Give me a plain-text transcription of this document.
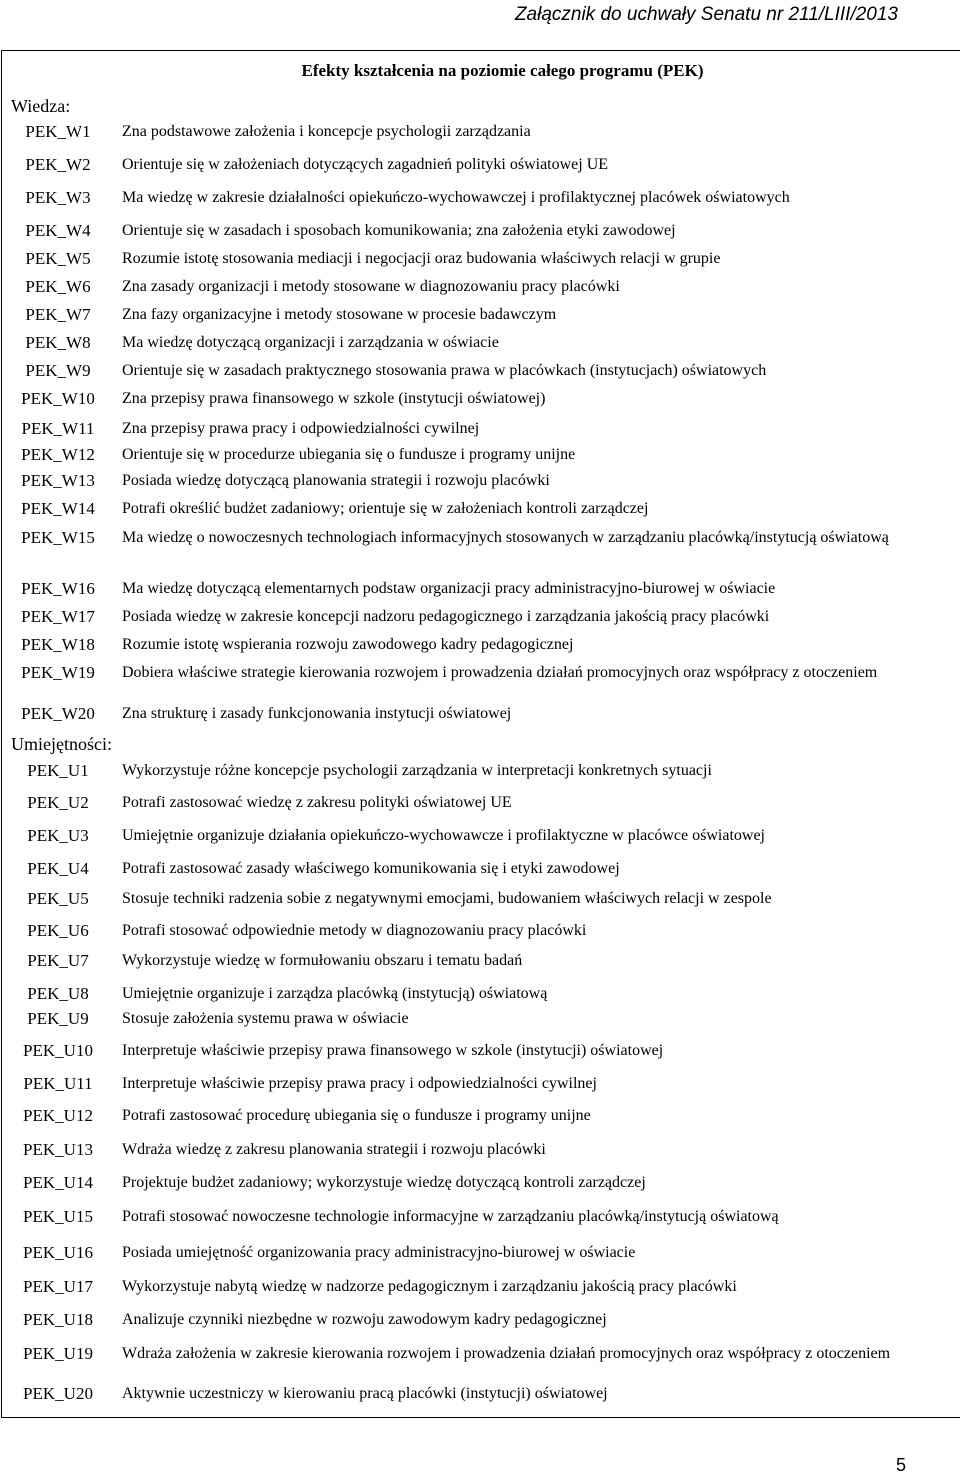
Załącznik do uchwały Senatu nr 211/LIII/2013
Efekty kształcenia na poziomie całego programu (PEK)
Wiedza:
PEK_W1	Zna podstawowe założenia i koncepcje psychologii zarządzania
PEK_W2	Orientuje się w założeniach dotyczących zagadnień polityki oświatowej UE
PEK_W3	Ma wiedzę w zakresie działalności opiekuńczo-wychowawczej i profilaktycznej placówek oświatowych
PEK_W4	Orientuje się w zasadach i sposobach komunikowania; zna założenia etyki zawodowej
PEK_W5	Rozumie istotę stosowania mediacji i negocjacji oraz budowania właściwych relacji w grupie
PEK_W6	Zna zasady organizacji i metody stosowane w diagnozowaniu pracy placówki
PEK_W7	Zna fazy organizacyjne i metody stosowane w procesie badawczym
PEK_W8	Ma wiedzę dotyczącą organizacji i zarządzania w oświacie
PEK_W9	Orientuje się w zasadach praktycznego stosowania prawa w placówkach (instytucjach) oświatowych
PEK_W10	Zna przepisy prawa finansowego w szkole (instytucji oświatowej)
PEK_W11	Zna przepisy prawa pracy i odpowiedzialności cywilnej
PEK_W12	Orientuje się w procedurze ubiegania się o fundusze i programy unijne
PEK_W13	Posiada wiedzę dotyczącą planowania strategii i rozwoju placówki
PEK_W14	Potrafi określić budżet zadaniowy; orientuje się w założeniach kontroli zarządczej
PEK_W15	Ma wiedzę o nowoczesnych technologiach informacyjnych stosowanych w zarządzaniu placówką/instytucją oświatową
PEK_W16	Ma wiedzę dotyczącą elementarnych podstaw organizacji pracy administracyjno-biurowej w oświacie
PEK_W17	Posiada wiedzę w zakresie koncepcji nadzoru pedagogicznego i zarządzania jakością pracy placówki
PEK_W18	Rozumie istotę wspierania rozwoju zawodowego kadry pedagogicznej
PEK_W19	Dobiera właściwe strategie kierowania rozwojem i prowadzenia działań promocyjnych oraz współpracy z otoczeniem
PEK_W20	Zna strukturę i zasady funkcjonowania instytucji oświatowej
Umiejętności:
PEK_U1	Wykorzystuje różne koncepcje psychologii zarządzania w interpretacji konkretnych sytuacji
PEK_U2	Potrafi zastosować wiedzę z zakresu polityki oświatowej UE
PEK_U3	Umiejętnie organizuje działania opiekuńczo-wychowawcze i profilaktyczne w placówce oświatowej
PEK_U4	Potrafi zastosować zasady właściwego komunikowania się i etyki zawodowej
PEK_U5	Stosuje techniki radzenia sobie z negatywnymi emocjami, budowaniem właściwych relacji w zespole
PEK_U6	Potrafi stosować odpowiednie metody w diagnozowaniu pracy placówki
PEK_U7	Wykorzystuje wiedzę w formułowaniu obszaru i tematu badań
PEK_U8	Umiejętnie organizuje i zarządza placówką (instytucją) oświatową
PEK_U9	Stosuje założenia systemu prawa w oświacie
PEK_U10	Interpretuje właściwie przepisy prawa finansowego w szkole (instytucji) oświatowej
PEK_U11	Interpretuje właściwie przepisy prawa pracy i odpowiedzialności cywilnej
PEK_U12	Potrafi zastosować procedurę ubiegania się o fundusze i programy unijne
PEK_U13	Wdraża wiedzę z zakresu planowania strategii i rozwoju placówki
PEK_U14	Projektuje budżet zadaniowy; wykorzystuje wiedzę dotyczącą kontroli zarządczej
PEK_U15	Potrafi stosować nowoczesne technologie informacyjne w zarządzaniu placówką/instytucją oświatową
PEK_U16	Posiada umiejętność organizowania pracy administracyjno-biurowej w oświacie
PEK_U17	Wykorzystuje nabytą wiedzę w nadzorze pedagogicznym i zarządzaniu jakością pracy placówki
PEK_U18	Analizuje czynniki niezbędne w rozwoju zawodowym kadry pedagogicznej
PEK_U19	Wdraża założenia w zakresie kierowania rozwojem i prowadzenia działań promocyjnych oraz współpracy z otoczeniem
PEK_U20	Aktywnie uczestniczy w kierowaniu pracą placówki (instytucji) oświatowej
5
